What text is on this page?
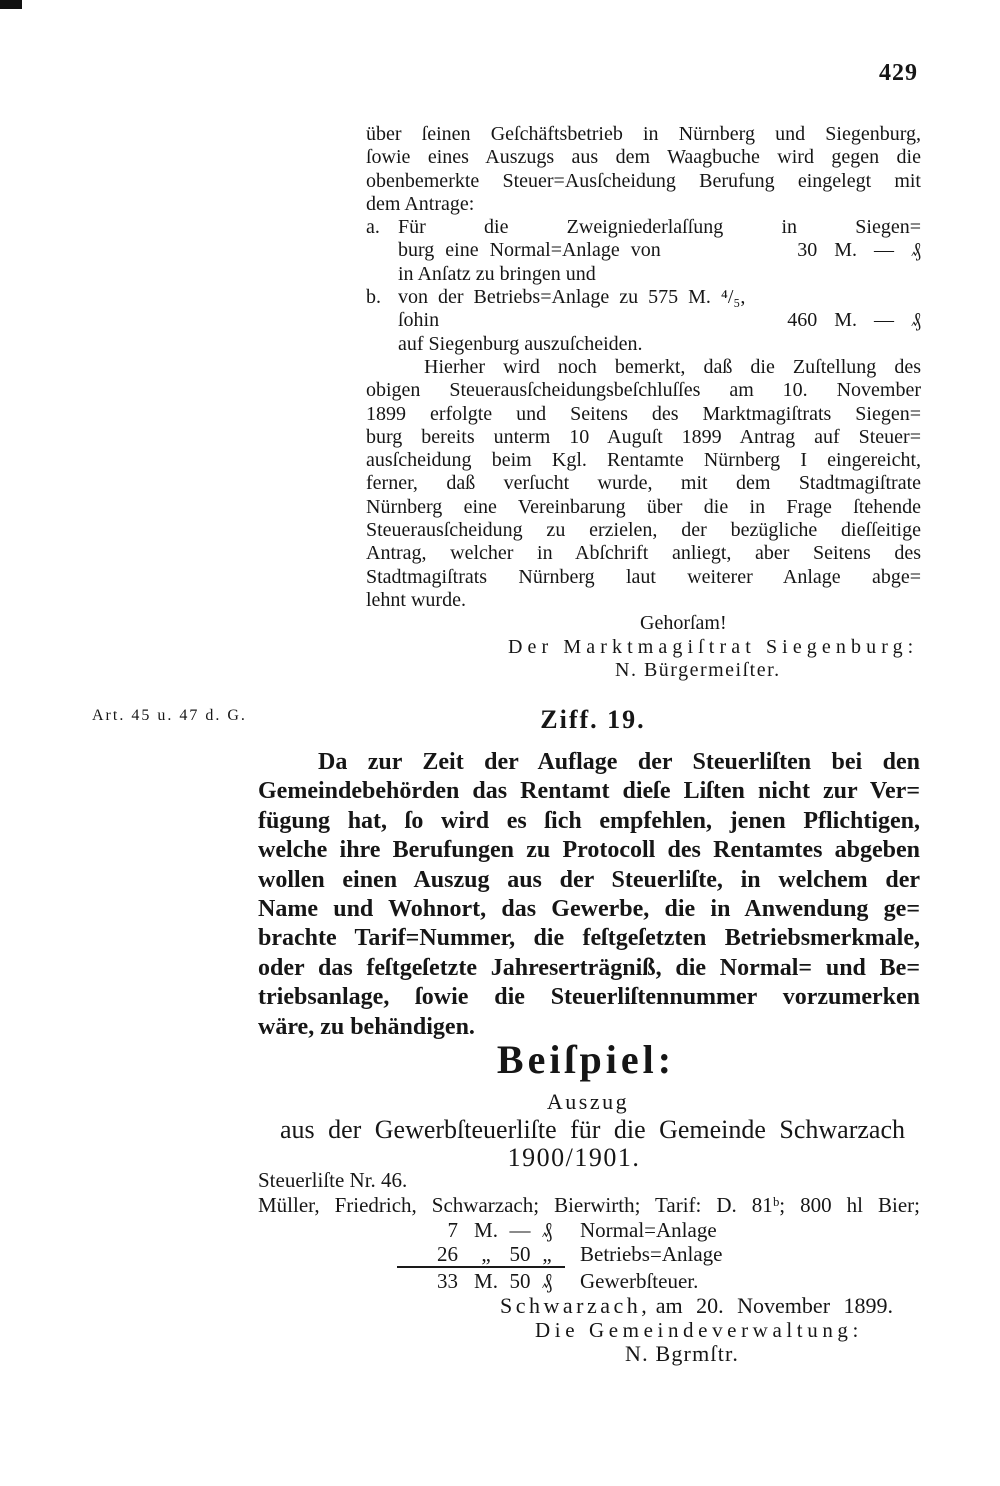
429
über ſeinen Geſchäftsbetrieb in Nürnberg und Siegenburg,
ſowie eines Auszugs aus dem Waagbuche wird gegen die
obenbemerkte Steuer=Ausſcheidung Berufung eingelegt mit
dem Antrage:
a. Für die Zweigniederlaſſung in Siegen=
burg eine Normal=Anlage von	30 M. — ₰
in Anſatz zu bringen und
b. von der Betriebs=Anlage zu 575 M. ⁴/₅,
ſohin	460 M. — ₰
auf Siegenburg auszuſcheiden.
Hierher wird noch bemerkt, daß die Zuſtellung des
obigen Steuerausſcheidungsbeſchluſſes am 10. November
1899 erfolgte und Seitens des Marktmagiſtrats Siegen=
burg bereits unterm 10 Auguſt 1899 Antrag auf Steuer=
ausſcheidung beim Kgl. Rentamte Nürnberg I eingereicht,
ferner, daß verſucht wurde, mit dem Stadtmagiſtrate
Nürnberg eine Vereinbarung über die in Frage ſtehende
Steuerausſcheidung zu erzielen, der bezügliche dieſſeitige
Antrag, welcher in Abſchrift anliegt, aber Seitens des
Stadtmagiſtrats Nürnberg laut weiterer Anlage abge=
lehnt wurde.
Gehorſam!
Der Marktmagiſtrat Siegenburg:
N. Bürgermeiſter.
Art. 45 u. 47 d. G.	Ziff. 19.
Da zur Zeit der Auflage der Steuerliſten bei den
Gemeindebehörden das Rentamt dieſe Liſten nicht zur Ver=
fügung hat, ſo wird es ſich empfehlen, jenen Pflichtigen,
welche ihre Berufungen zu Protocoll des Rentamtes abgeben
wollen einen Auszug aus der Steuerliſte, in welchem der
Name und Wohnort, das Gewerbe, die in Anwendung ge=
brachte Tarif=Nummer, die feſtgeſetzten Betriebsmerkmale,
oder das feſtgeſetzte Jahreserträgniß, die Normal= und Be=
triebsanlage, ſowie die Steuerliſtennummer vorzumerken
wäre, zu behändigen.
Beiſpiel:
Auszug
aus der Gewerbſteuerliſte für die Gemeinde Schwarzach
1900/1901.
Steuerliſte Nr. 46.
Müller, Friedrich, Schwarzach; Bierwirth; Tarif: D. 81ᵇ; 800 hl Bier;
7 M. — ₰ Normal=Anlage
26	„ 50 „	Betriebs=Anlage
33 M. 50 ₰ Gewerbſteuer.
Schwarzach, am 20. November 1899.
Die Gemeindeverwaltung:
N. Bgrmſtr.
